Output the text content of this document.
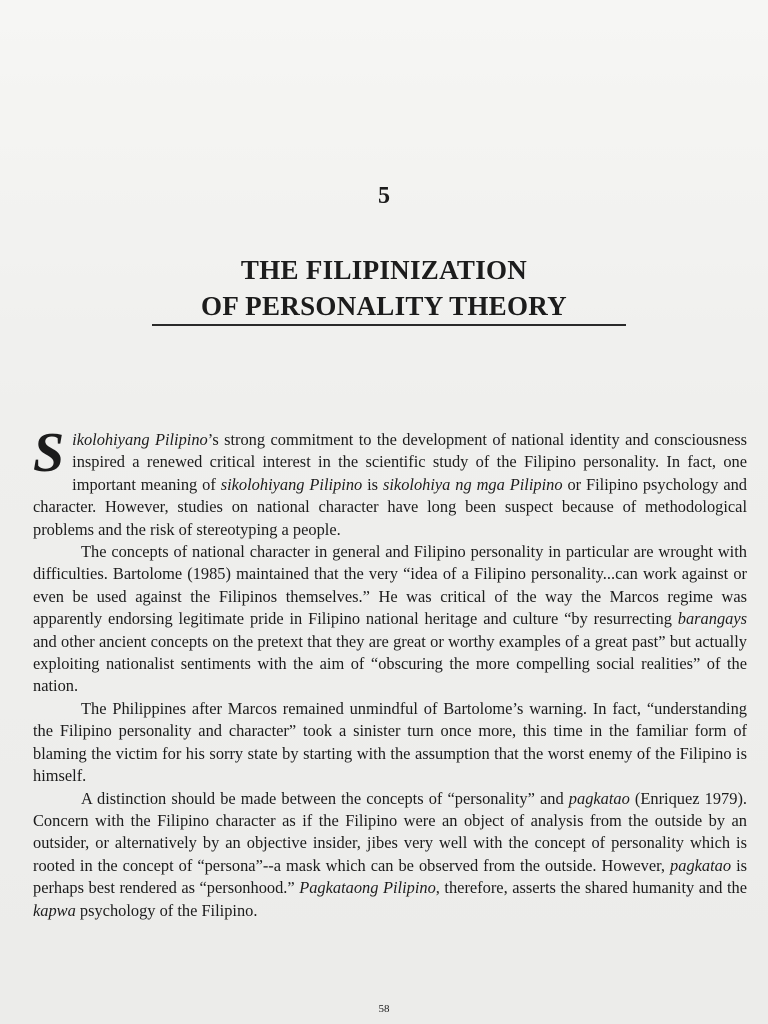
5
THE FILIPINIZATION
OF PERSONALITY THEORY

Sikolohiyang Pilipino’s strong commitment to the development of national identity and consciousness inspired a renewed critical interest in the scientific study of the Filipino personality. In fact, one important meaning of sikolohiyang Pilipino is sikolohiya ng mga Pilipino or Filipino psychology and character. However, studies on national character have long been suspect because of methodological problems and the risk of stereotyping a people.

The concepts of national character in general and Filipino personality in particular are wrought with difficulties. Bartolome (1985) maintained that the very “idea of a Filipino personality...can work against or even be used against the Filipinos themselves.” He was critical of the way the Marcos regime was apparently endorsing legitimate pride in Filipino national heritage and culture “by resurrecting barangays and other ancient concepts on the pretext that they are great or worthy examples of a great past” but actually exploiting nationalist sentiments with the aim of “obscuring the more compelling social realities” of the nation.

The Philippines after Marcos remained unmindful of Bartolome’s warning. In fact, “understanding the Filipino personality and character” took a sinister turn once more, this time in the familiar form of blaming the victim for his sorry state by starting with the assumption that the worst enemy of the Filipino is himself.

A distinction should be made between the concepts of “personality” and pagkatao (Enriquez 1979). Concern with the Filipino character as if the Filipino were an object of analysis from the outside by an outsider, or alternatively by an objective insider, jibes very well with the concept of personality which is rooted in the concept of “persona”--a mask which can be observed from the outside. However, pagkatao is perhaps best rendered as “personhood.” Pagkataong Pilipino, therefore, asserts the shared humanity and the kapwa psychology of the Filipino.

58
